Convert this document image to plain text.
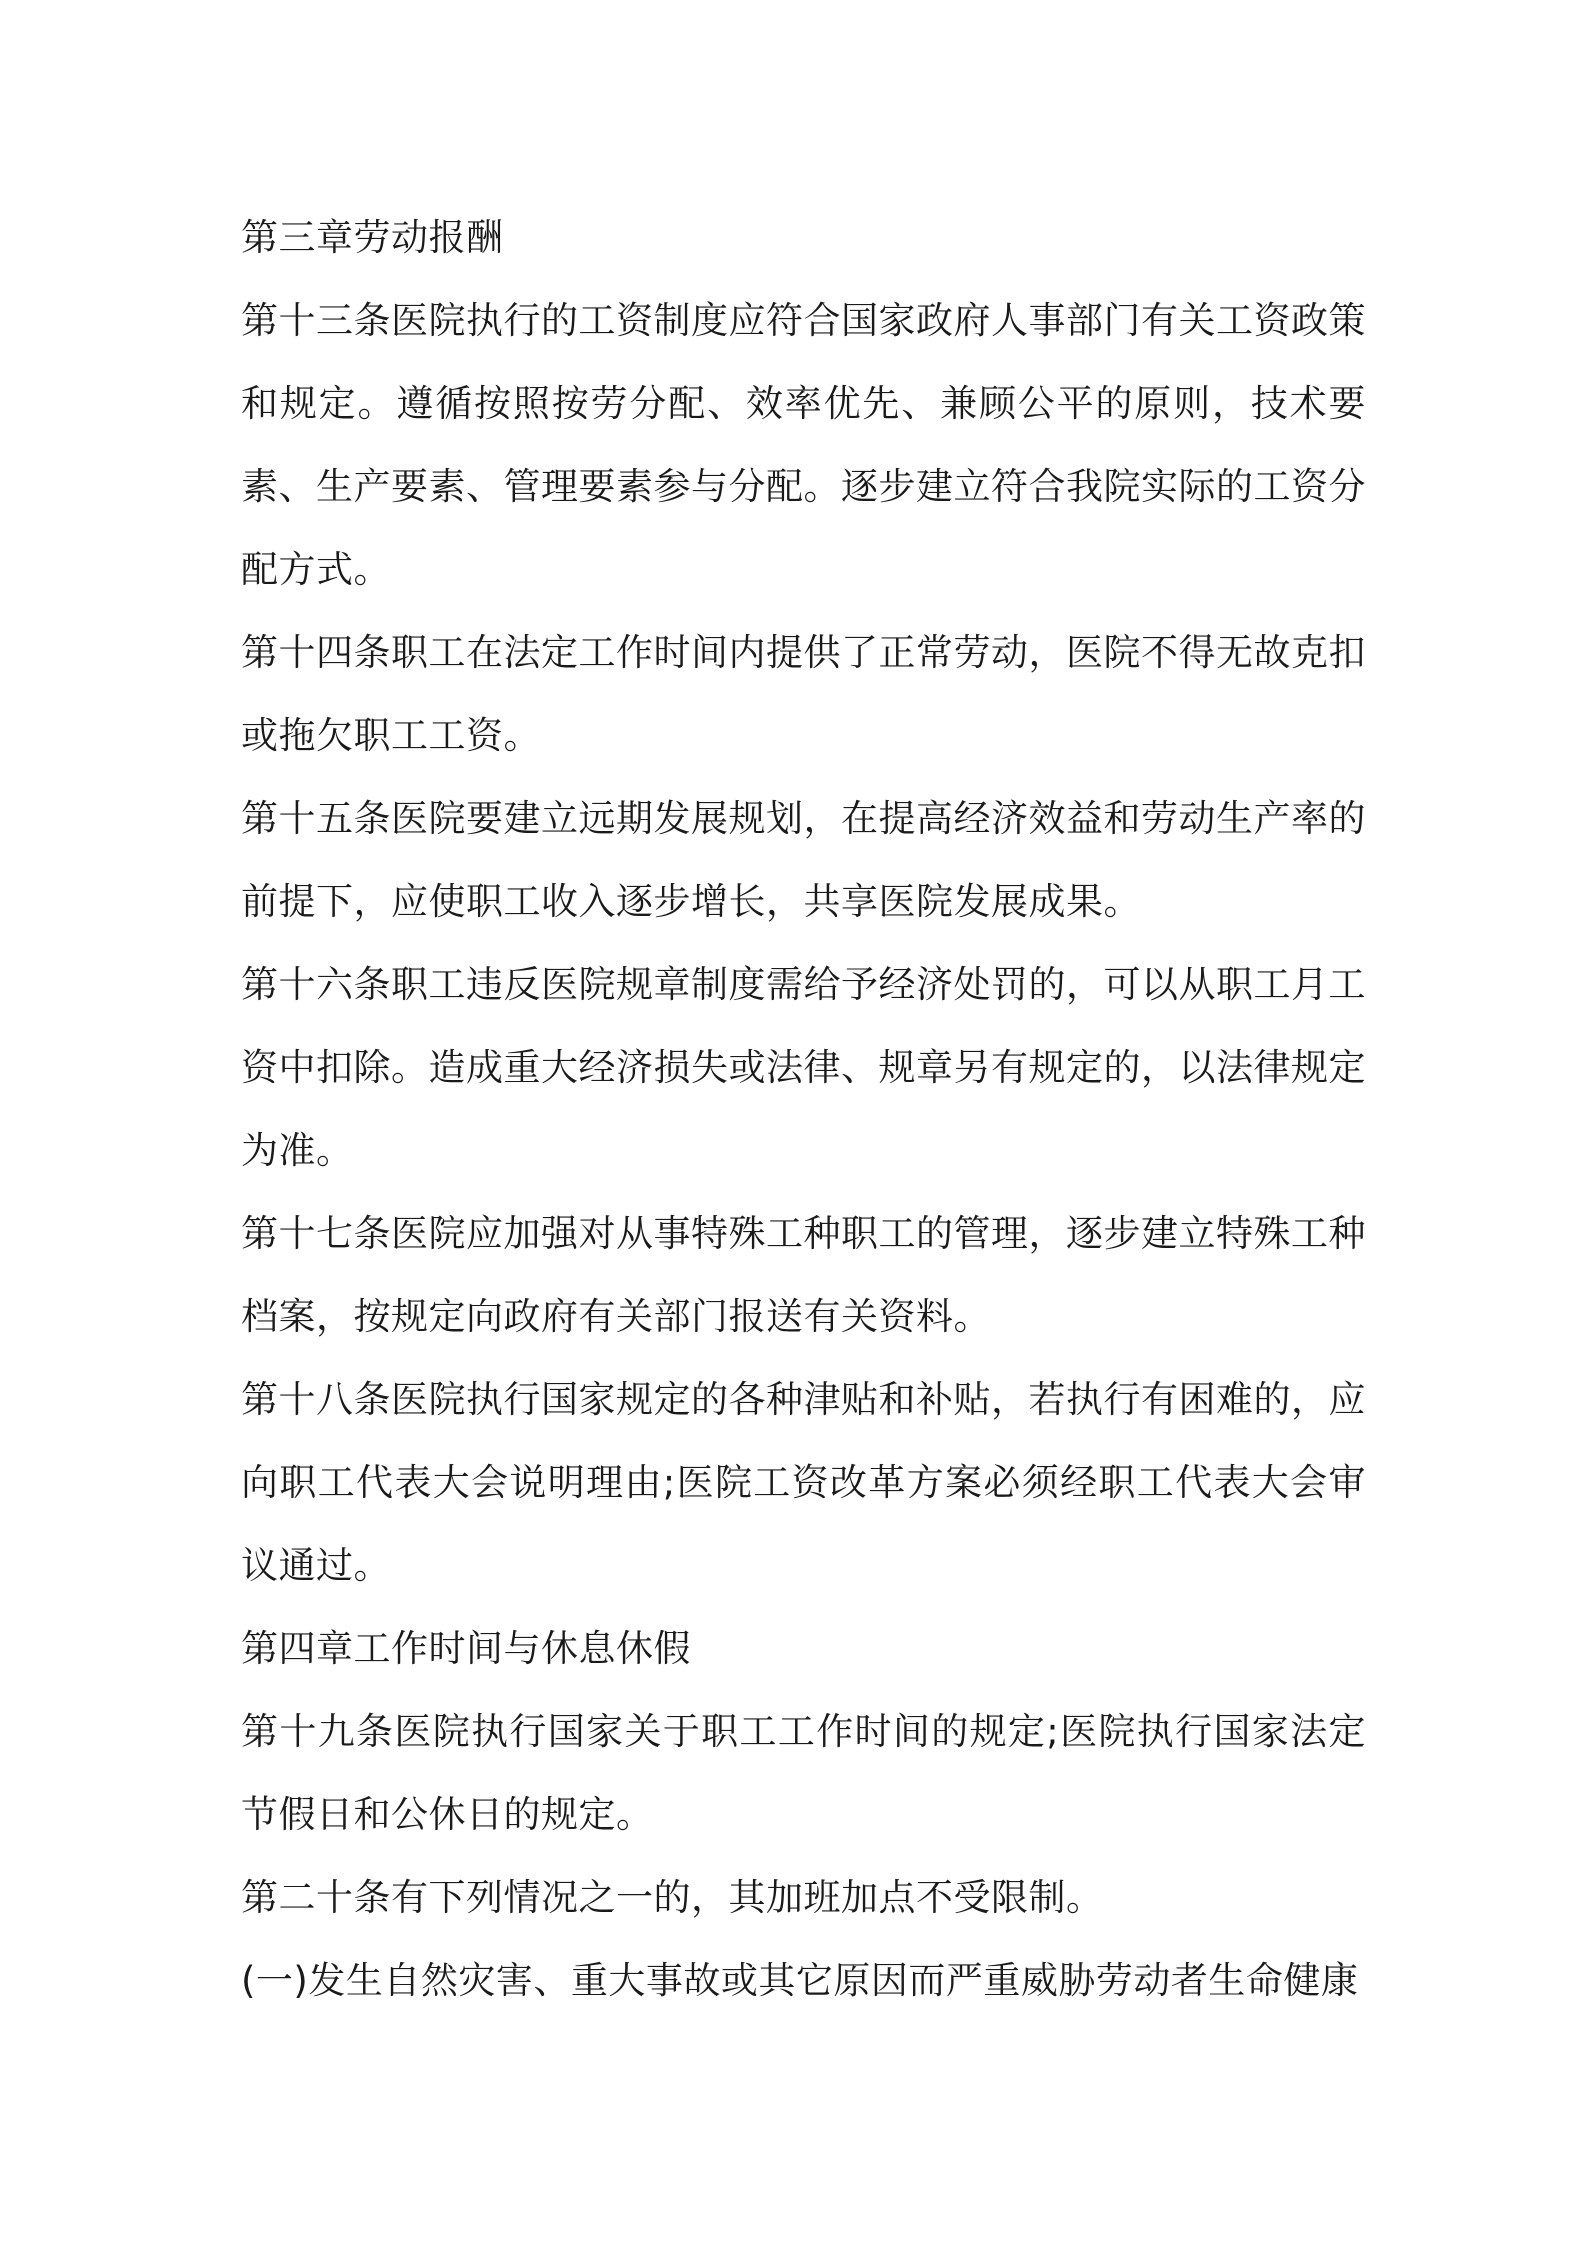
第三章劳动报酬

第十三条医院执行的工资制度应符合国家政府人事部门有关工资政策和规定。遵循按照按劳分配、效率优先、兼顾公平的原则，技术要素、生产要素、管理要素参与分配。逐步建立符合我院实际的工资分配方式。

第十四条职工在法定工作时间内提供了正常劳动，医院不得无故克扣或拖欠职工工资。

第十五条医院要建立远期发展规划，在提高经济效益和劳动生产率的前提下，应使职工收入逐步增长，共享医院发展成果。

第十六条职工违反医院规章制度需给予经济处罚的，可以从职工月工资中扣除。造成重大经济损失或法律、规章另有规定的，以法律规定为准。

第十七条医院应加强对从事特殊工种职工的管理，逐步建立特殊工种档案，按规定向政府有关部门报送有关资料。

第十八条医院执行国家规定的各种津贴和补贴，若执行有困难的，应向职工代表大会说明理由;医院工资改革方案必须经职工代表大会审议通过。

第四章工作时间与休息休假

第十九条医院执行国家关于职工工作时间的规定;医院执行国家法定节假日和公休日的规定。

第二十条有下列情况之一的，其加班加点不受限制。

(一)发生自然灾害、重大事故或其它原因而严重威胁劳动者生命健康
